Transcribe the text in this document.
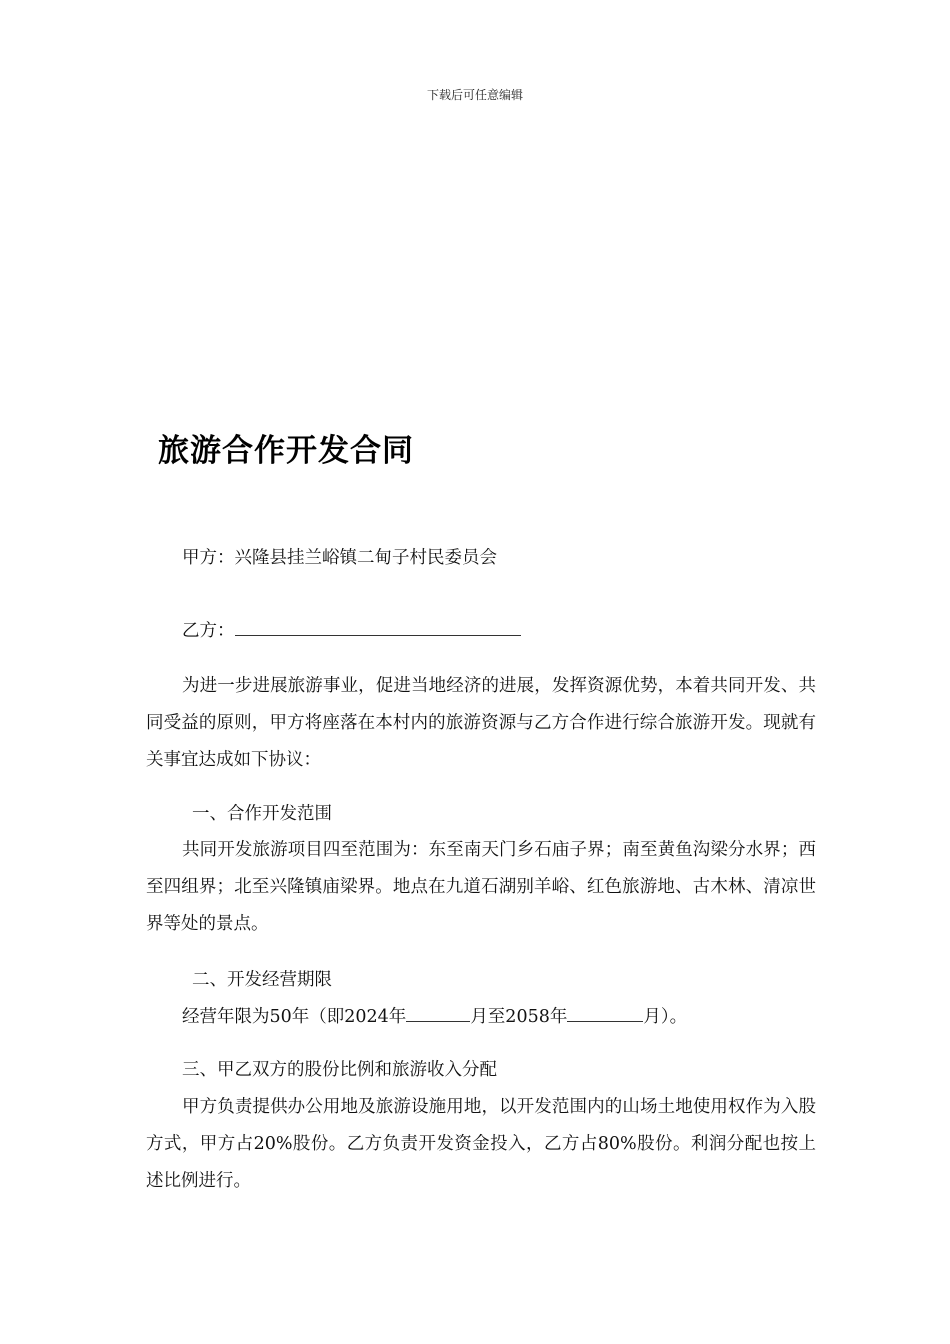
下载后可任意编辑
旅游合作开发合同
甲方：兴隆县挂兰峪镇二甸子村民委员会
乙方：
为进一步进展旅游事业，促进当地经济的进展，发挥资源优势，本着共同开发、共同受益的原则，甲方将座落在本村内的旅游资源与乙方合作进行综合旅游开发。现就有关事宜达成如下协议：
一、合作开发范围
共同开发旅游项目四至范围为：东至南天门乡石庙子界；南至黄鱼沟梁分水界；西至四组界；北至兴隆镇庙梁界。地点在九道石湖别羊峪、红色旅游地、古木林、清凉世界等处的景点。
二、开发经营期限
经营年限为50年（即2024年	月至2058年	月）。
三、甲乙双方的股份比例和旅游收入分配
甲方负责提供办公用地及旅游设施用地，以开发范围内的山场土地使用权作为入股方式，甲方占20%股份。乙方负责开发资金投入，乙方占80%股份。利润分配也按上述比例进行。
